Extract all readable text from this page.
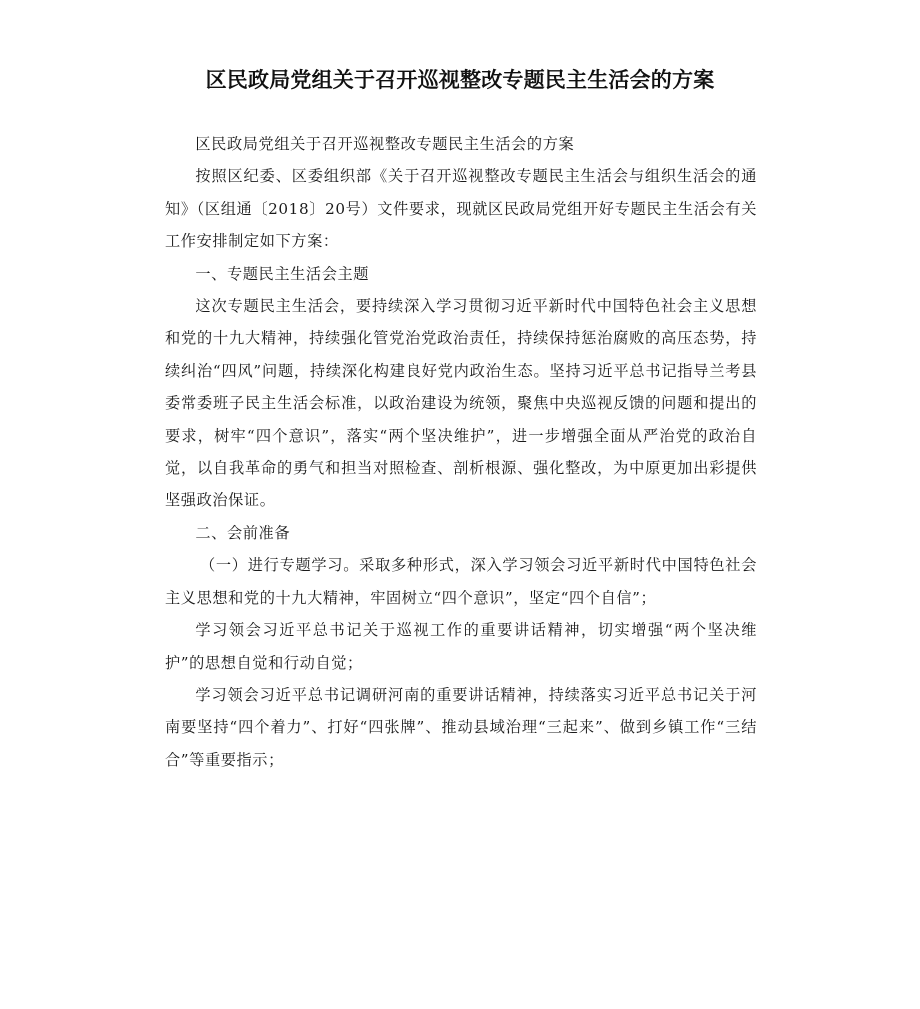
区民政局党组关于召开巡视整改专题民主生活会的方案

区民政局党组关于召开巡视整改专题民主生活会的方案

按照区纪委、区委组织部《关于召开巡视整改专题民主生活会与组织生活会的通知》（区组通〔2018〕20号）文件要求，现就区民政局党组开好专题民主生活会有关工作安排制定如下方案：

一、专题民主生活会主题

这次专题民主生活会，要持续深入学习贯彻习近平新时代中国特色社会主义思想和党的十九大精神，持续强化管党治党政治责任，持续保持惩治腐败的高压态势，持续纠治“四风”问题，持续深化构建良好党内政治生态。坚持习近平总书记指导兰考县委常委班子民主生活会标准，以政治建设为统领，聚焦中央巡视反馈的问题和提出的要求，树牢“四个意识”，落实“两个坚决维护”，进一步增强全面从严治党的政治自觉，以自我革命的勇气和担当对照检查、剖析根源、强化整改，为中原更加出彩提供坚强政治保证。

二、会前准备

（一）进行专题学习。采取多种形式，深入学习领会习近平新时代中国特色社会主义思想和党的十九大精神，牢固树立“四个意识”，坚定“四个自信”；

学习领会习近平总书记关于巡视工作的重要讲话精神，切实增强“两个坚决维护”的思想自觉和行动自觉；

学习领会习近平总书记调研河南的重要讲话精神，持续落实习近平总书记关于河南要坚持“四个着力”、打好“四张牌”、推动县域治理“三起来”、做到乡镇工作“三结合”等重要指示；
